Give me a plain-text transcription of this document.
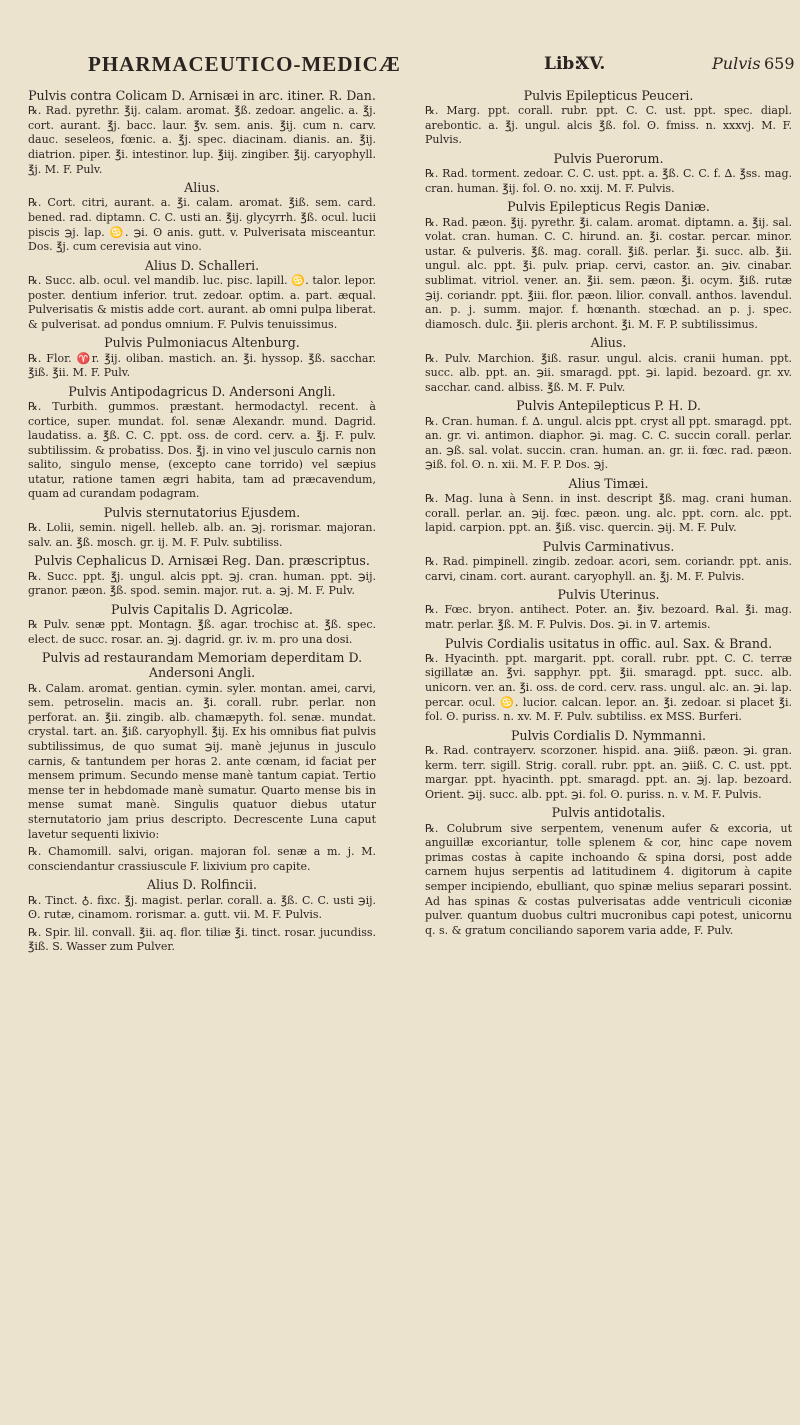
PHARMACEUTICO-MEDICÆ	Lib:
XV.	Pulvis 659
Pulvis contra Colicam D. Arnisæi in arc. itiner. R. Dan.
℞. Rad. pyrethr. ℥ij. calam. aromat. ℥ß. zedoar. angelic. a. ℥j. cort. aurant. ℥j. bacc. laur. ℥v. sem. anis. ℥ij. cum n. carv. dauc. seseleos, fœnic. a. ℥j. spec. diacinam. dianis. an. ℥ij. diatrion. piper. ℥i. intestinor. lup. ℥iij. zingiber. ℥ij. caryophyll. ℥j. M. F. Pulv.
Alius.
℞. Cort. citri, aurant. a. ℥i. calam. aromat. ℥iß. sem. card. bened. rad. diptamn. C. C. usti an. ℥ij. glycyrrh. ℥ß. ocul. lucii piscis ℈j. lap. ♋. ℈i. ʘ anis. gutt. v. Pulverisata misceantur. Dos. ℥j. cum cerevisia aut vino.
Alius D. Schalleri.
℞. Succ. alb. ocul. vel mandib. luc. pisc. lapill. ♋. talor. lepor. poster. dentium inferior. trut. zedoar. optim. a. part. æqual. Pulverisatis & mistis adde cort. aurant. ab omni pulpa liberat. & pulverisat. ad pondus omnium. F. Pulvis tenuissimus.
Pulvis Pulmoniacus Altenburg.
℞. Flor. ♈r. ℥ij. oliban. mastich. an. ℥i. hyssop. ℥ß. sacchar. ℥iß. ℥ii. M. F. Pulv.
Pulvis Antipodagricus D. Andersoni Angli.
℞. Turbith. gummos. præstant. hermodactyl. recent. à cortice, super. mundat. fol. senæ Alexandr. mund. Dagrid. laudatiss. a. ℥ß. C. C. ppt. oss. de cord. cerv. a. ℥j. F. pulv. subtilissim. & probatiss. Dos. ℥j. in vino vel jusculo carnis non salito, singulo mense, (excepto cane torrido) vel sæpius utatur, ratione tamen ægri habita, tam ad præcavendum, quam ad curandam podagram.
Pulvis sternutatorius Ejusdem.
℞. Lolii, semin. nigell. helleb. alb. an. ℈j. rorismar. majoran. salv. an. ℥ß. mosch. gr. ij. M. F. Pulv. subtiliss.
Pulvis Cephalicus D. Arnisæi Reg. Dan. præscriptus.
℞. Succ. ppt. ℥j. ungul. alcis ppt. ℈j. cran. human. ppt. ℈ij. granor. pæon. ℥ß. spod. semin. major. rut. a. ℈j. M. F. Pulv.
Pulvis Capitalis D. Agricolæ.
℞ Pulv. senæ ppt. Montagn. ℥ß. agar. trochisc at. ℥ß. spec. elect. de succ. rosar. an. ℈j. dagrid. gr. iv. m. pro una dosi.
Pulvis ad restaurandam Memoriam deperditam D. Andersoni Angli.
℞. Calam. aromat. gentian. cymin. syler. montan. amei, carvi, sem. petroselin. macis an. ℥i. corall. rubr. perlar. non perforat. an. ℥ii. zingib. alb. chamæpyth. fol. senæ. mundat. crystal. tart. an. ℥iß. caryophyll. ℥ij. Ex his omnibus fiat pulvis subtilissimus, de quo sumat ℈ij. manè jejunus in jusculo carnis, & tantundem per horas 2. ante cœnam, id faciat per mensem primum. Secundo mense manè tantum capiat. Tertio mense ter in hebdomade manè sumatur. Quarto mense bis in mense sumat manè. Singulis quatuor diebus utatur sternutatorio jam prius descripto. Decrescente Luna caput lavetur sequenti lixivio:
℞. Chamomill. salvi, origan. majoran fol. senæ a m. j. M. consciendantur crassiuscule F. lixivium pro capite.
Alius D. Rolfincii.
℞. Tinct. ♁. fixc. ℥j. magist. perlar. corall. a. ℥ß. C. C. usti ℈ij. ʘ. rutæ, cinamom. rorismar. a. gutt. vii. M. F. Pulvis.
℞. Spir. lil. convall. ℥ii. aq. flor. tiliæ ℥i. tinct. rosar. jucundiss. ℥iß. S. Wasser zum Pulver.
Pulvis Epilepticus Peuceri.
℞. Marg. ppt. corall. rubr. ppt. C. C. ust. ppt. spec. diapl. arebontic. a. ℥j. ungul. alcis ℥ß. fol. ʘ. fmiss. n. xxxvj. M. F. Pulvis.
Pulvis Puerorum.
℞. Rad. torment. zedoar. C. C. ust. ppt. a. ℥ß. C. C. f. ∆. ℥ss. mag. cran. human. ℥ij. fol. ʘ. no. xxij. M. F. Pulvis.
Pulvis Epilepticus Regis Daniæ.
℞. Rad. pæon. ℥ij. pyrethr. ℥i. calam. aromat. diptamn. a. ℥ij. sal. volat. cran. human. C. C. hirund. an. ℥i. costar. percar. minor. ustar. & pulveris. ℥ß. mag. corall. ℥iß. perlar. ℥i. succ. alb. ℥ii. ungul. alc. ppt. ℥i. pulv. priap. cervi, castor. an. ℈iv. cinabar. sublimat. vitriol. vener. an. ℥ii. sem. pæon. ℥i. ocym. ℥iß. rutæ ℈ij. coriandr. ppt. ℥iii. flor. pæon. lilior. convall. anthos. lavendul. an. p. j. summ. major. f. hœnanth. stœchad. an p. j. spec. diamosch. dulc. ℥ii. pleris archont. ℥i. M. F. P. subtilissimus.
Alius.
℞. Pulv. Marchion. ℥iß. rasur. ungul. alcis. cranii human. ppt. succ. alb. ppt. an. ℈ii. smaragd. ppt. ℈i. lapid. bezoard. gr. xv. sacchar. cand. albiss. ℥ß. M. F. Pulv.
Pulvis Antepilepticus P. H. D.
℞. Cran. human. f. ∆. ungul. alcis ppt. cryst all ppt. smaragd. ppt. an. gr. vi. antimon. diaphor. ℈i. mag. C. C. succin corall. perlar. an. ℈ß. sal. volat. succin. cran. human. an. gr. ii. fœc. rad. pæon. ℈iß. fol. ʘ. n. xii. M. F. P. Dos. ℈j.
Alius Timæi.
℞. Mag. luna à Senn. in inst. descript ℥ß. mag. crani human. corall. perlar. an. ℈ij. fœc. pæon. ung. alc. ppt. corn. alc. ppt. lapid. carpion. ppt. an. ℥iß. visc. quercin. ℈ij. M. F. Pulv.
Pulvis Carminativus.
℞. Rad. pimpinell. zingib. zedoar. acori, sem. coriandr. ppt. anis. carvi, cinam. cort. aurant. caryophyll. an. ℥j. M. F. Pulvis.
Pulvis Uterinus.
℞. Fœc. bryon. antihect. Poter. an. ℥iv. bezoard. ℞al. ℥i. mag. matr. perlar. ℥ß. M. F. Pulvis. Dos. ℈i. in ∇. artemis.
Pulvis Cordialis usitatus in offic. aul. Sax. & Brand.
℞. Hyacinth. ppt. margarit. ppt. corall. rubr. ppt. C. C. terræ sigillatæ an. ℥vi. sapphyr. ppt. ℥ii. smaragd. ppt. succ. alb. unicorn. ver. an. ℥i. oss. de cord. cerv. rass. ungul. alc. an. ℈i. lap. percar. ocul. ♋. lucior. calcan. lepor. an. ℥i. zedoar. si placet ℥i. fol. ʘ. puriss. n. xv. M. F. Pulv. subtiliss. ex MSS. Burferi.
Pulvis Cordialis D. Nymmanni.
℞. Rad. contrayerv. scorzoner. hispid. ana. ℈iiß. pæon. ℈i. gran. kerm. terr. sigill. Strig. corall. rubr. ppt. an. ℈iiß. C. C. ust. ppt. margar. ppt. hyacinth. ppt. smaragd. ppt. an. ℈j. lap. bezoard. Orient. ℈ij. succ. alb. ppt. ℈i. fol. ʘ. puriss. n. v. M. F. Pulvis.
Pulvis antidotalis.
℞. Colubrum sive serpentem, venenum aufer & excoria, ut anguillæ excoriantur, tolle splenem & cor, hinc cape novem primas costas à capite inchoando & spina dorsi, post adde carnem hujus serpentis ad latitudinem 4. digitorum à capite semper incipiendo, ebulliant, quo spinæ melius separari possint. Ad has spinas & costas pulverisatas adde ventriculi ciconiæ pulver. quantum duobus cultri mucronibus capi potest, unicornu q. s. & gratum conciliando saporem varia adde, F. Pulv.
